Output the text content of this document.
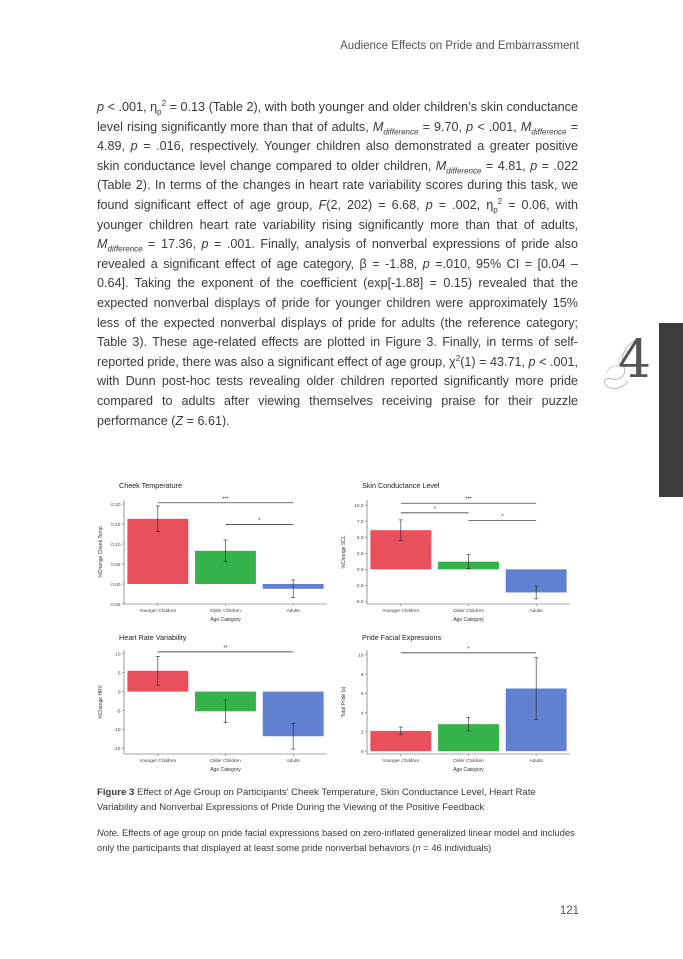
Audience Effects on Pride and Embarrassment

p < .001, $\eta_p^2 = 0.13$ (Table 2), with both younger and older children’s skin conductance level rising significantly more than that of adults, $M_{difference} = 9.70$, p < .001, $M_{difference} = 4.89$, p = .016, respectively. Younger children also demonstrated a greater positive skin conductance level change compared to older children, $M_{difference} = 4.81$, p = .022 (Table 2). In terms of the changes in heart rate variability scores during this task, we found significant effect of age group, F(2, 202) = 6.68, p = .002, $\eta_p^2 = 0.06$, with younger children heart rate variability rising significantly more than that of adults, $M_{difference} = 17.36$, p = .001. Finally, analysis of nonverbal expressions of pride also revealed a significant effect of age category, β = -1.88, p =.010, 95% CI = [0.04 – 0.64]. Taking the exponent of the coefficient (exp[-1.88] = 0.15) revealed that the expected nonverbal displays of pride for younger children were approximately 15% less of the expected nonverbal displays of pride for adults (the reference category; Table 3). These age-related effects are plotted in Figure 3. Finally, in terms of self-reported pride, there was also a significant effect of age group, $\chi^2(1) = 43.71$, p < .001, with Dunn post-hoc tests revealing older children reported significantly more pride compared to adults after viewing themselves receiving praise for their puzzle performance (Z = 6.61).

4
Cheek Temperature
-0.05
0.00
0.05
0.10
0.15
0.20
%Change Cheek Temp
Younger Children	Older Children	Adults
Age Category
***
*
Skin Conductance Level
-5.0
-2.5
0.0
2.5
5.0
7.5
10.0
%Change SCL
Younger Children	Older Children	Adults
Age Category
***
*
*
Heart Rate Variability
-15
-10
-5
0
5
10
%Change HRV
Younger Children	Older Children	Adults
Age Category
**
Pride Facial Expressions
0
2
4
6
8
10
Total Pride (s)
Younger Children	Older Children	Adults
Age Category
*
Figure 3 Effect of Age Group on Participants’ Cheek Temperature, Skin Conductance Level, Heart Rate Variability and Nonverbal Expressions of Pride During the Viewing of the Positive Feedback
Note. Effects of age group on pride facial expressions based on zero-inflated generalized linear model and includes only the participants that displayed at least some pride nonverbal behaviors (n = 46 individuals)
121
